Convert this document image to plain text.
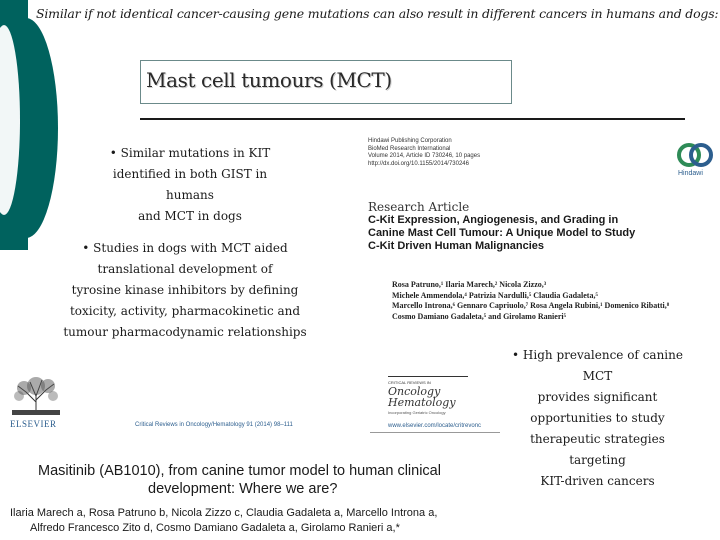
Similar if not identical cancer-causing gene mutations can also result in different cancers in humans and dogs:
Mast cell tumours (MCT)
• Similar mutations in KIT
identified in both GIST in humans
and MCT in dogs
• Studies in dogs with MCT aided
translational development of
tyrosine kinase inhibitors by defining
toxicity, activity, pharmacokinetic and
tumour pharmacodynamic relationships
• High prevalence of canine
MCT
provides significant
opportunities to study
therapeutic strategies targeting
KIT-driven cancers
Hindawi Publishing Corporation
BioMed Research International
Volume 2014, Article ID 730246, 10 pages
http://dx.doi.org/10.1155/2014/730246
Hindawi
Research Article
C-Kit Expression, Angiogenesis, and Grading in
Canine Mast Cell Tumour: A Unique Model to Study
C-Kit Driven Human Malignancies
Rosa Patruno,¹ Ilaria Marech,² Nicola Zizzo,³
Michele Ammendola,⁴ Patrizia Nardulli,⁵ Claudia Gadaleta,⁵
Marcello Introna,⁶ Gennaro Capriuolo,⁷ Rosa Angela Rubini,¹ Domenico Ribatti,⁸
Cosmo Damiano Gadaleta,⁵ and Girolamo Ranieri⁵
ELSEVIER	Critical Reviews in Oncology/Hematology 91 (2014) 98–111
CRITICAL REVIEWS IN
Oncology
Hematology
Incorporating Geriatric Oncology
www.elsevier.com/locate/critrevonc
Masitinib (AB1010), from canine tumor model to human clinical
development: Where we are?
Ilaria Marech a, Rosa Patruno b, Nicola Zizzo c, Claudia Gadaleta a, Marcello Introna a,
Alfredo Francesco Zito d, Cosmo Damiano Gadaleta a, Girolamo Ranieri a,*
